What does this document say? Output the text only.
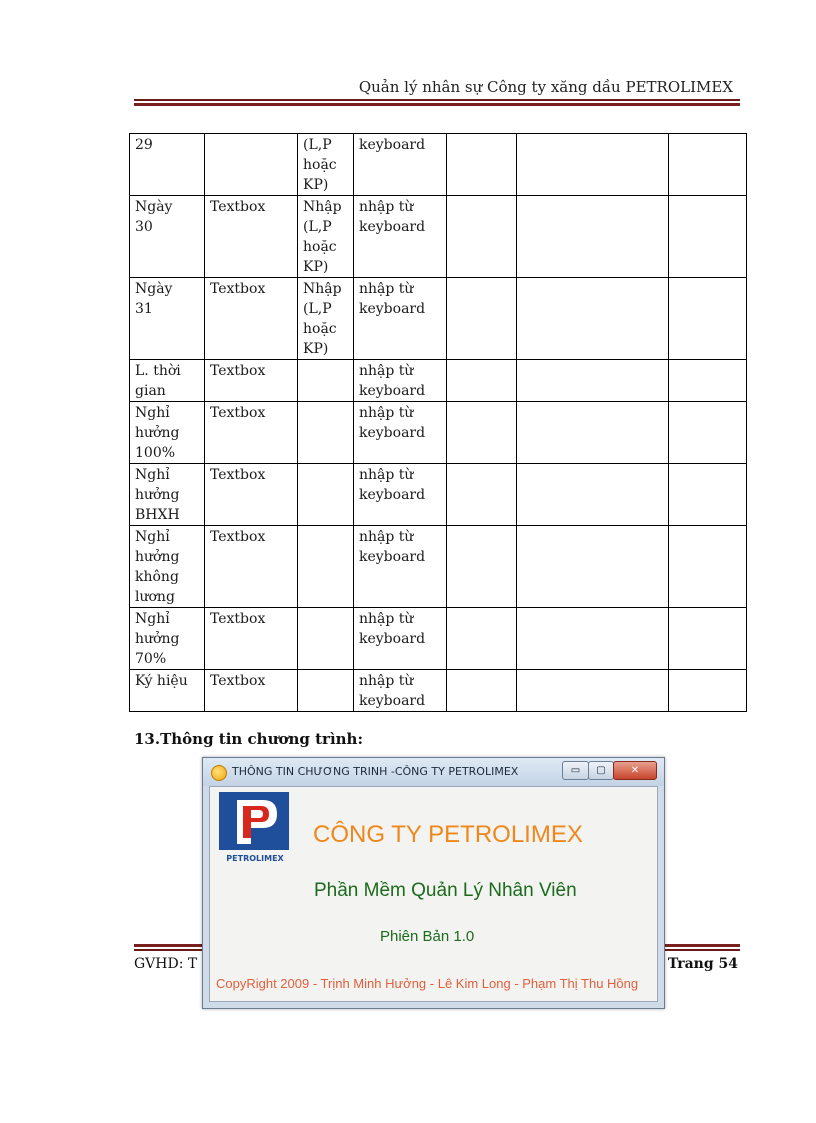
Quản lý nhân sự Công ty xăng dầu PETROLIMEX
29		(L,P
hoặc
KP)	keyboard			
Ngày
30	Textbox	Nhập
(L,P
hoặc
KP)	nhập từ
keyboard			
Ngày
31	Textbox	Nhập
(L,P
hoặc
KP)	nhập từ
keyboard			
L. thời
gian	Textbox		nhập từ
keyboard			
Nghỉ
hưởng
100%	Textbox		nhập từ
keyboard			
Nghỉ
hưởng
BHXH	Textbox		nhập từ
keyboard			
Nghỉ
hưởng
không
lương	Textbox		nhập từ
keyboard			
Nghỉ
hưởng
70%	Textbox		nhập từ
keyboard			
Ký hiệu	Textbox		nhập từ
keyboard			
13.Thông tin chương trình:
GVHD: T	Trang 54
THÔNG TIN CHƯƠNG TRINH -CÔNG TY PETROLIMEX	▭	▢	✕
PETROLIMEX
CÔNG TY PETROLIMEX
Phần Mềm Quản Lý Nhân Viên
Phiên Bản 1.0
CopyRight 2009 - Trịnh Minh Hưởng - Lê Kim Long - Phạm Thị Thu Hồng
